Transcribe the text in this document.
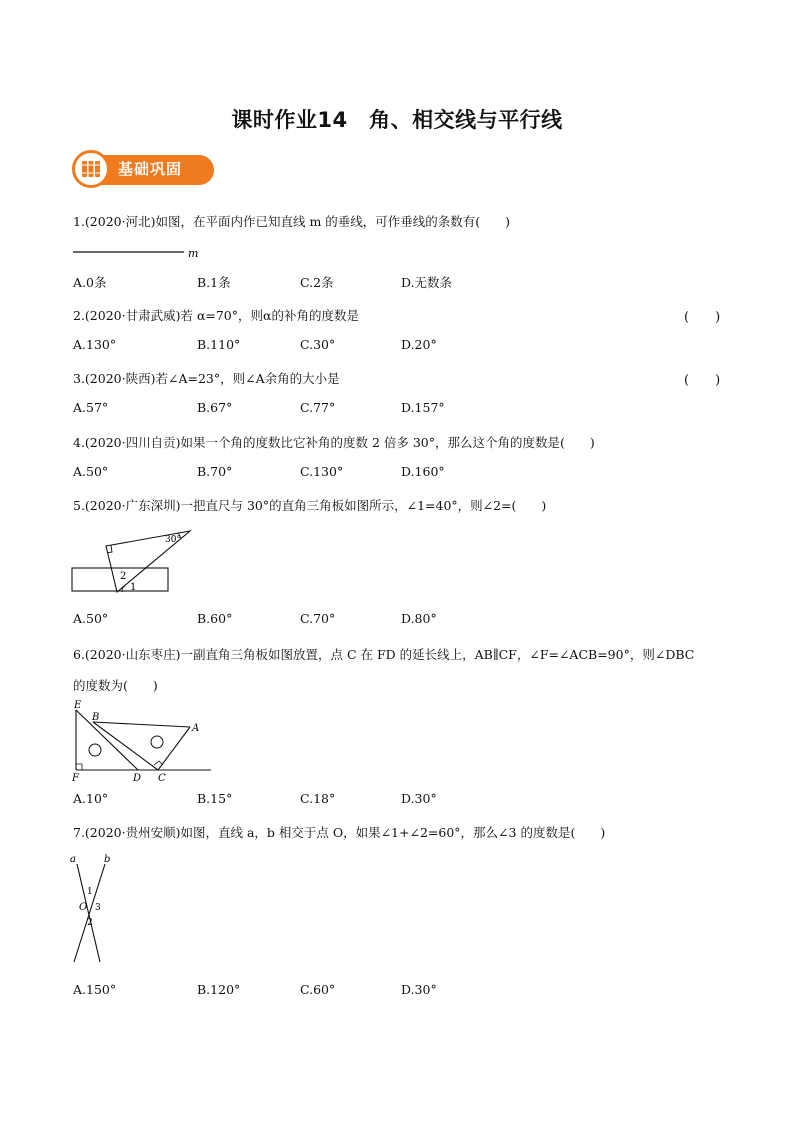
课时作业14　角、相交线与平行线
基础巩固
1.(2020·河北)如图，在平面内作已知直线 m 的垂线，可作垂线的条数有(　　)
m
A.0条	B.1条	C.2条	D.无数条
2.(2020·甘肃武威)若 α=70°，则α的补角的度数是	(　　)
A.130°	B.110°	C.30°	D.20°
3.(2020·陕西)若∠A=23°，则∠A余角的大小是	(　　)
A.57°	B.67°	C.77°	D.157°
4.(2020·四川自贡)如果一个角的度数比它补角的度数 2 倍多 30°，那么这个角的度数是(　　)
A.50°	B.70°	C.130°	D.160°
5.(2020·广东深圳)一把直尺与 30°的直角三角板如图所示，∠1=40°，则∠2=(　　)
30°
2
1
A.50°	B.60°	C.70°	D.80°
6.(2020·山东枣庄)一副直角三角板如图放置，点 C 在 FD 的延长线上，AB∥CF，∠F=∠ACB=90°，则∠DBC
的度数为(　　)
E
B
A
F	D C
A.10°	B.15°	C.18°	D.30°
7.(2020·贵州安顺)如图，直线 a，b 相交于点 O，如果∠1+∠2=60°，那么∠3 的度数是(　　)
a	b
1
O 3
2
A.150°	B.120°	C.60°	D.30°
